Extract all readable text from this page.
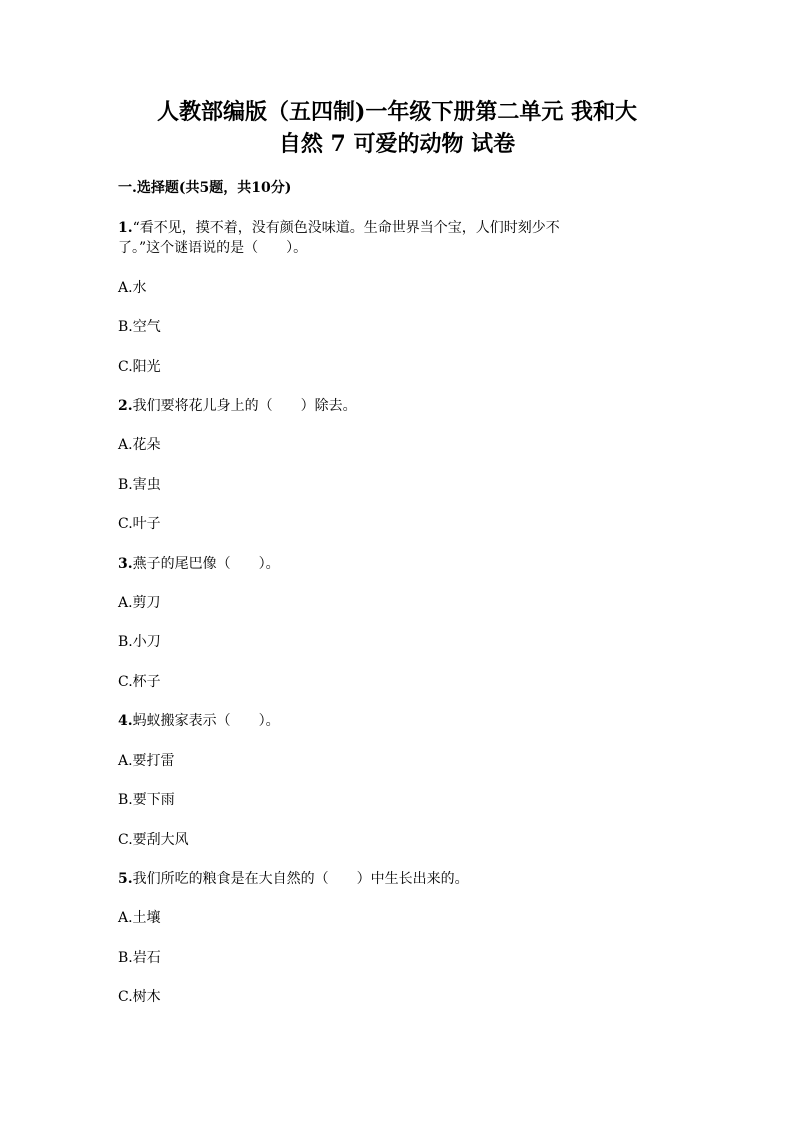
人教部编版（五四制)一年级下册第二单元 我和大
自然 7 可爱的动物 试卷
一.选择题(共5题，共10分)
1.“看不见，摸不着，没有颜色没味道。生命世界当个宝，人们时刻少不
了。”这个谜语说的是（　　）。
A.水
B.空气
C.阳光
2.我们要将花儿身上的（　　）除去。
A.花朵
B.害虫
C.叶子
3.燕子的尾巴像（　　）。
A.剪刀
B.小刀
C.杯子
4.蚂蚁搬家表示（　　）。
A.要打雷
B.要下雨
C.要刮大风
5.我们所吃的粮食是在大自然的（　　）中生长出来的。
A.土壤
B.岩石
C.树木
